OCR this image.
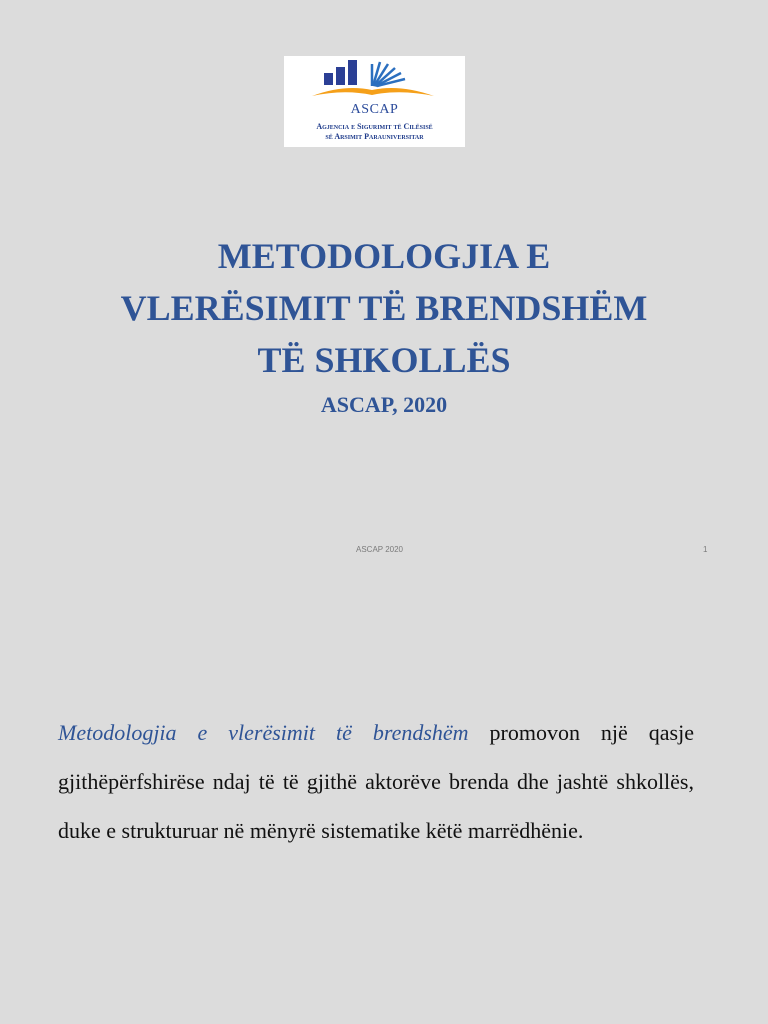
ASCAP
Agjencia e Sigurimit të Cilësisë
së Arsimit Parauniversitar
METODOLOGJIA E
VLERËSIMIT TË BRENDSHËM
TË SHKOLLËS
ASCAP, 2020
ASCAP 2020	1

Metodologjia e vlerësimit të brendshëm promovon një qasje gjithëpërfshirëse ndaj të të gjithë aktorëve brenda dhe jashtë shkollës, duke e strukturuar në mënyrë sistematike këtë marrëdhënie.
